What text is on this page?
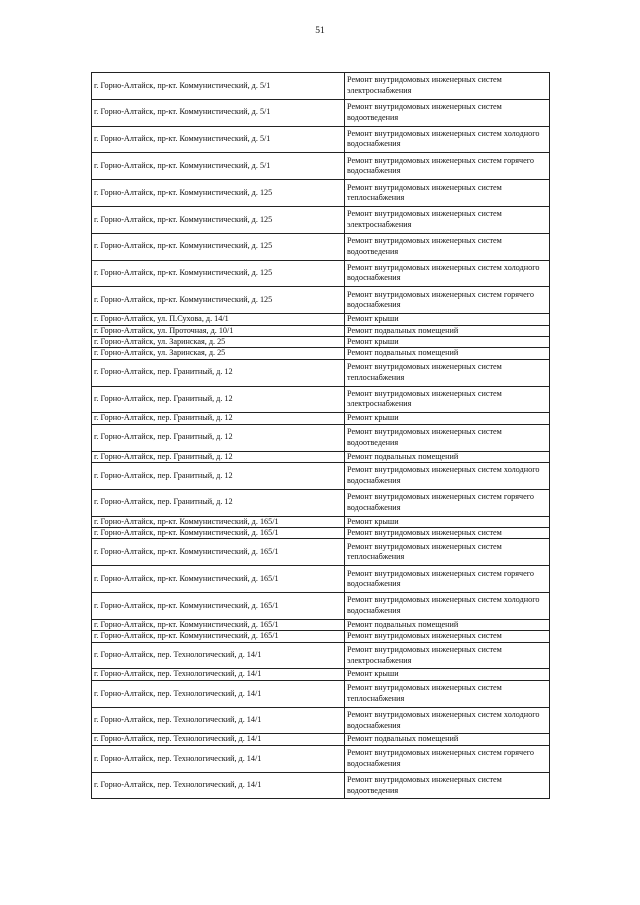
51
г. Горно-Алтайск, пр-кт. Коммунистический, д. 5/1	Ремонт внутридомовых инженерных систем электроснабжения
г. Горно-Алтайск, пр-кт. Коммунистический, д. 5/1	Ремонт внутридомовых инженерных систем водоотведения
г. Горно-Алтайск, пр-кт. Коммунистический, д. 5/1	Ремонт внутридомовых инженерных систем холодного водоснабжения
г. Горно-Алтайск, пр-кт. Коммунистический, д. 5/1	Ремонт внутридомовых инженерных систем горячего водоснабжения
г. Горно-Алтайск, пр-кт. Коммунистический, д. 125	Ремонт внутридомовых инженерных систем теплоснабжения
г. Горно-Алтайск, пр-кт. Коммунистический, д. 125	Ремонт внутридомовых инженерных систем электроснабжения
г. Горно-Алтайск, пр-кт. Коммунистический, д. 125	Ремонт внутридомовых инженерных систем водоотведения
г. Горно-Алтайск, пр-кт. Коммунистический, д. 125	Ремонт внутридомовых инженерных систем холодного водоснабжения
г. Горно-Алтайск, пр-кт. Коммунистический, д. 125	Ремонт внутридомовых инженерных систем горячего водоснабжения
г. Горно-Алтайск, ул. П.Сухова, д. 14/1	Ремонт крыши
г. Горно-Алтайск, ул. Проточная, д. 10/1	Ремонт подвальных помещений
г. Горно-Алтайск, ул. Заринская, д. 25	Ремонт крыши
г. Горно-Алтайск, ул. Заринская, д. 25	Ремонт подвальных помещений
г. Горно-Алтайск, пер. Гранитный, д. 12	Ремонт внутридомовых инженерных систем теплоснабжения
г. Горно-Алтайск, пер. Гранитный, д. 12	Ремонт внутридомовых инженерных систем электроснабжения
г. Горно-Алтайск, пер. Гранитный, д. 12	Ремонт крыши
г. Горно-Алтайск, пер. Гранитный, д. 12	Ремонт внутридомовых инженерных систем водоотведения
г. Горно-Алтайск, пер. Гранитный, д. 12	Ремонт подвальных помещений
г. Горно-Алтайск, пер. Гранитный, д. 12	Ремонт внутридомовых инженерных систем холодного водоснабжения
г. Горно-Алтайск, пер. Гранитный, д. 12	Ремонт внутридомовых инженерных систем горячего водоснабжения
г. Горно-Алтайск, пр-кт. Коммунистический, д. 165/1	Ремонт крыши
г. Горно-Алтайск, пр-кт. Коммунистический, д. 165/1	Ремонт внутридомовых инженерных систем
г. Горно-Алтайск, пр-кт. Коммунистический, д. 165/1	Ремонт внутридомовых инженерных систем теплоснабжения
г. Горно-Алтайск, пр-кт. Коммунистический, д. 165/1	Ремонт внутридомовых инженерных систем горячего водоснабжения
г. Горно-Алтайск, пр-кт. Коммунистический, д. 165/1	Ремонт внутридомовых инженерных систем холодного водоснабжения
г. Горно-Алтайск, пр-кт. Коммунистический, д. 165/1	Ремонт подвальных помещений
г. Горно-Алтайск, пр-кт. Коммунистический, д. 165/1	Ремонт внутридомовых инженерных систем
г. Горно-Алтайск, пер. Технологический, д. 14/1	Ремонт внутридомовых инженерных систем электроснабжения
г. Горно-Алтайск, пер. Технологический, д. 14/1	Ремонт крыши
г. Горно-Алтайск, пер. Технологический, д. 14/1	Ремонт внутридомовых инженерных систем теплоснабжения
г. Горно-Алтайск, пер. Технологический, д. 14/1	Ремонт внутридомовых инженерных систем холодного водоснабжения
г. Горно-Алтайск, пер. Технологический, д. 14/1	Ремонт подвальных помещений
г. Горно-Алтайск, пер. Технологический, д. 14/1	Ремонт внутридомовых инженерных систем горячего водоснабжения
г. Горно-Алтайск, пер. Технологический, д. 14/1	Ремонт внутридомовых инженерных систем водоотведения
